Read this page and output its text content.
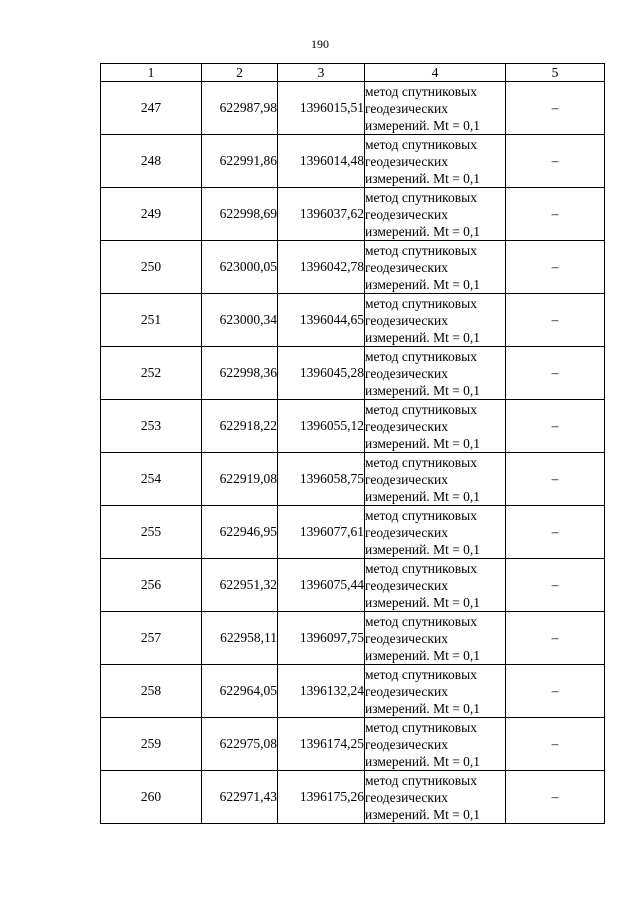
190
1	2	3	4	5
247	622987,98	1396015,51	метод спутниковых
геодезических
измерений. Mt = 0,1	–
248	622991,86	1396014,48	метод спутниковых
геодезических
измерений. Mt = 0,1	–
249	622998,69	1396037,62	метод спутниковых
геодезических
измерений. Mt = 0,1	–
250	623000,05	1396042,78	метод спутниковых
геодезических
измерений. Mt = 0,1	–
251	623000,34	1396044,65	метод спутниковых
геодезических
измерений. Mt = 0,1	–
252	622998,36	1396045,28	метод спутниковых
геодезических
измерений. Mt = 0,1	–
253	622918,22	1396055,12	метод спутниковых
геодезических
измерений. Mt = 0,1	–
254	622919,08	1396058,75	метод спутниковых
геодезических
измерений. Mt = 0,1	–
255	622946,95	1396077,61	метод спутниковых
геодезических
измерений. Mt = 0,1	–
256	622951,32	1396075,44	метод спутниковых
геодезических
измерений. Mt = 0,1	–
257	622958,11	1396097,75	метод спутниковых
геодезических
измерений. Mt = 0,1	–
258	622964,05	1396132,24	метод спутниковых
геодезических
измерений. Mt = 0,1	–
259	622975,08	1396174,25	метод спутниковых
геодезических
измерений. Mt = 0,1	–
260	622971,43	1396175,26	метод спутниковых
геодезических
измерений. Mt = 0,1	–
